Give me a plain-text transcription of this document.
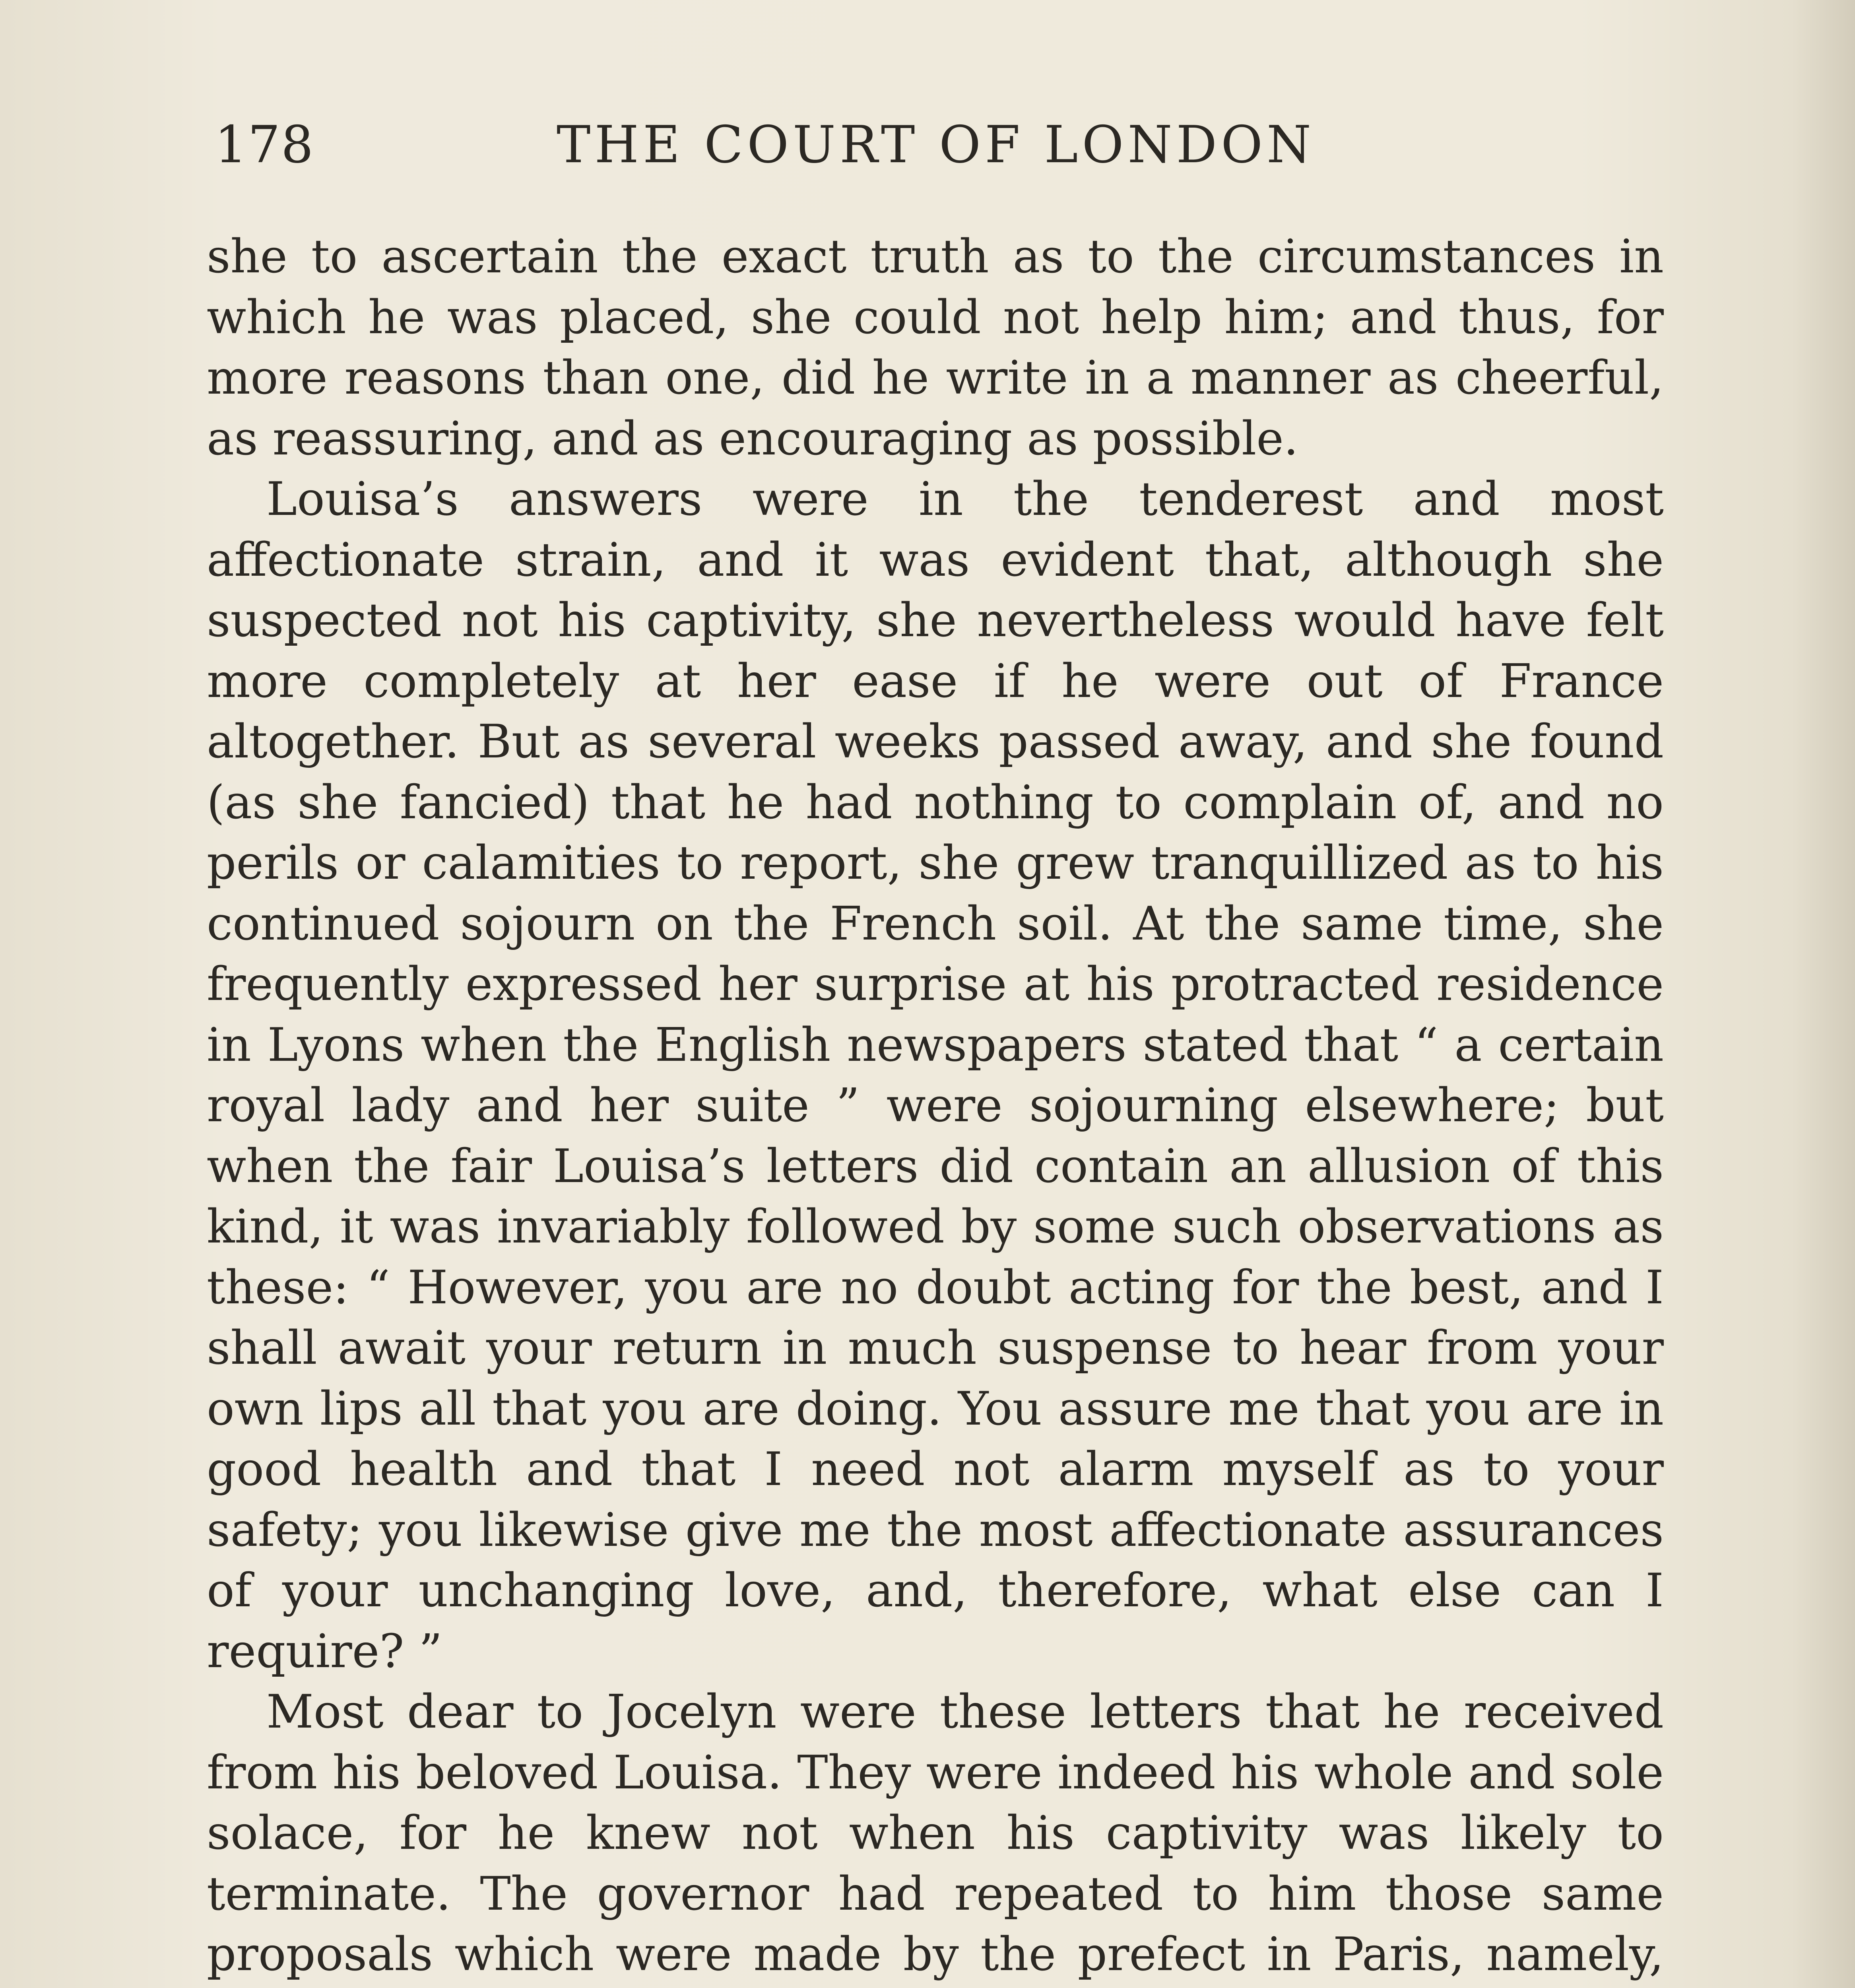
178	THE COURT OF LONDON

she to ascertain the exact truth as to the circumstances in which he was placed, she could not help him; and thus, for more reasons than one, did he write in a manner as cheerful, as reassuring, and as encouraging as possible.

Louisa’s answers were in the tenderest and most affectionate strain, and it was evident that, although she suspected not his captivity, she nevertheless would have felt more completely at her ease if he were out of France altogether. But as several weeks passed away, and she found (as she fancied) that he had nothing to complain of, and no perils or calamities to report, she grew tranquillized as to his continued sojourn on the French soil. At the same time, she frequently expressed her surprise at his protracted residence in Lyons when the English newspapers stated that “ a certain royal lady and her suite ” were sojourning elsewhere; but when the fair Louisa’s letters did contain an allusion of this kind, it was invariably followed by some such observations as these: “ However, you are no doubt acting for the best, and I shall await your return in much suspense to hear from your own lips all that you are doing. You assure me that you are in good health and that I need not alarm myself as to your safety; you likewise give me the most affectionate assurances of your unchanging love, and, therefore, what else can I require? ”

Most dear to Jocelyn were these letters that he received from his beloved Louisa. They were indeed his whole and sole solace, for he knew not when his captivity was likely to terminate. The governor had repeated to him those same proposals which were made by the prefect in Paris, namely,
